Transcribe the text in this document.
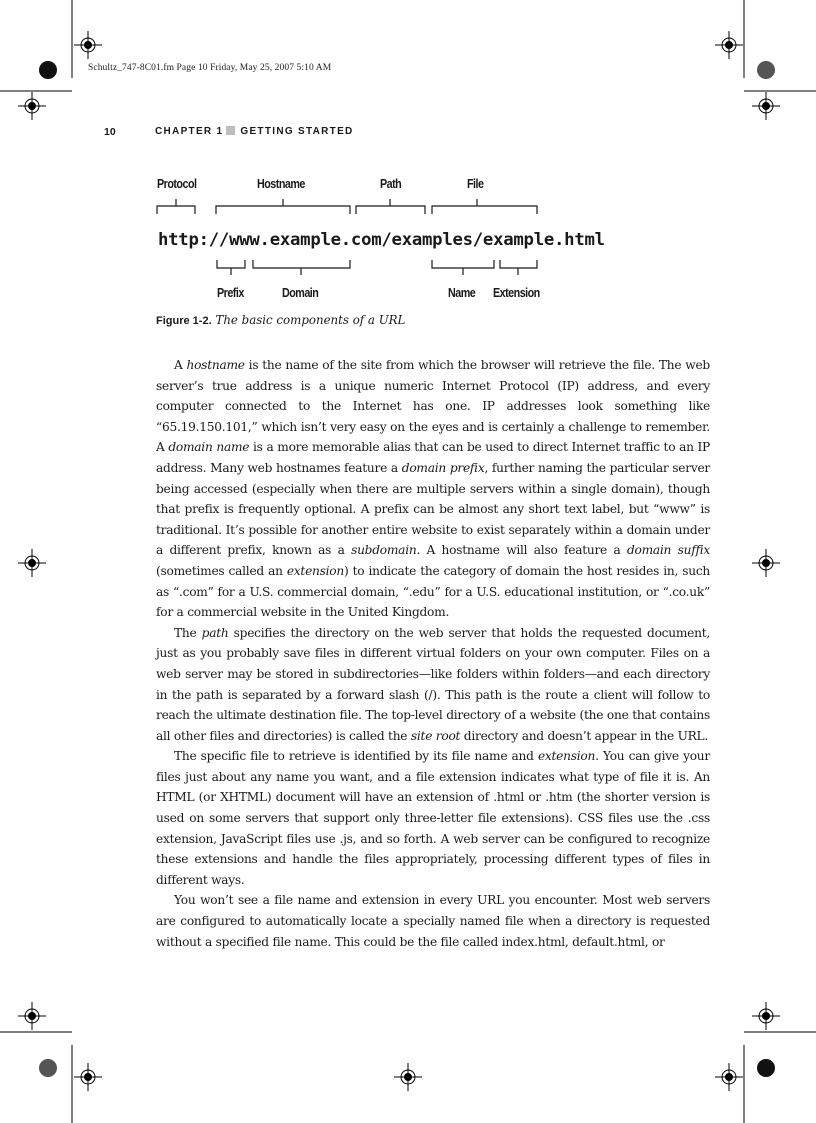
Schultz_747-8C01.fm Page 10 Friday, May 25, 2007 5:10 AM
10	CHAPTER 1 GETTING STARTED
Protocol	Hostname	Path	File
http://www.example.com/examples/example.html
Prefix	Domain	Name Extension
Figure 1-2. The basic components of a URL

A hostname is the name of the site from which the browser will retrieve the file. The web server’s true address is a unique numeric Internet Protocol (IP) address, and every computer connected to the Internet has one. IP addresses look something like “65.19.150.101,” which isn’t very easy on the eyes and is certainly a challenge to remember. A domain name is a more memorable alias that can be used to direct Internet traffic to an IP address. Many web hostnames feature a domain prefix, further naming the particular server being accessed (especially when there are multiple servers within a single domain), though that prefix is frequently optional. A prefix can be almost any short text label, but “www” is traditional. It’s possible for another entire website to exist separately within a domain under a different prefix, known as a subdomain. A hostname will also feature a domain suffix (sometimes called an extension) to indicate the category of domain the host resides in, such as “.com” for a U.S. commercial domain, “.edu” for a U.S. educational institution, or “.co.uk” for a commercial website in the United Kingdom.

The path specifies the directory on the web server that holds the requested document, just as you probably save files in different virtual folders on your own computer. Files on a web server may be stored in subdirectories—like folders within folders—and each directory in the path is separated by a forward slash (/). This path is the route a client will follow to reach the ultimate destination file. The top-level directory of a website (the one that contains all other files and directories) is called the site root directory and doesn’t appear in the URL.

The specific file to retrieve is identified by its file name and extension. You can give your files just about any name you want, and a file extension indicates what type of file it is. An HTML (or XHTML) document will have an extension of .html or .htm (the shorter version is used on some servers that support only three-letter file extensions). CSS files use the .css extension, JavaScript files use .js, and so forth. A web server can be configured to recognize these extensions and handle the files appropriately, processing different types of files in different ways.

You won’t see a file name and extension in every URL you encounter. Most web servers are configured to automatically locate a specially named file when a directory is requested without a specified file name. This could be the file called index.html, default.html, or
